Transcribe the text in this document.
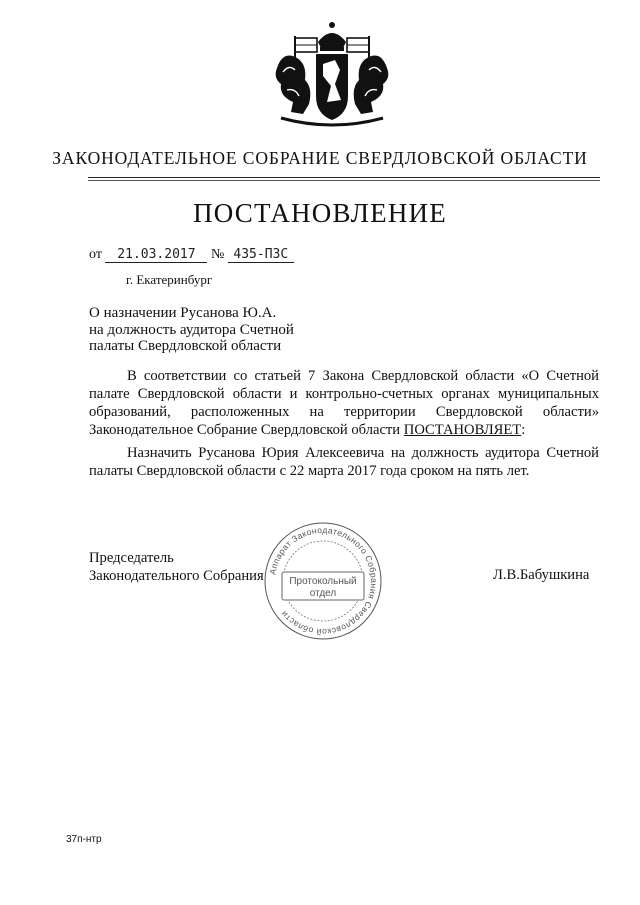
ЗАКОНОДАТЕЛЬНОЕ СОБРАНИЕ СВЕРДЛОВСКОЙ ОБЛАСТИ
ПОСТАНОВЛЕНИЕ
от 21.03.2017 № 435-ПЗС
г. Екатеринбург
О назначении Русанова Ю.А.
на должность аудитора Счетной
палаты Свердловской области

В соответствии со статьей 7 Закона Свердловской области «О Счетной палате Свердловской области и контрольно-счетных органах муниципальных образований, расположенных на территории Свердловской области» Законодательное Собрание Свердловской области ПОСТАНОВЛЯЕТ:

Назначить Русанова Юрия Алексеевича на должность аудитора Счетной палаты Свердловской области с 22 марта 2017 года сроком на пять лет.

Председатель
Законодательного Собрания	Л.В.Бабушкина
Аппарат Законодательного Собрания Свердловской области
Протокольный
отдел
37п-нтр
